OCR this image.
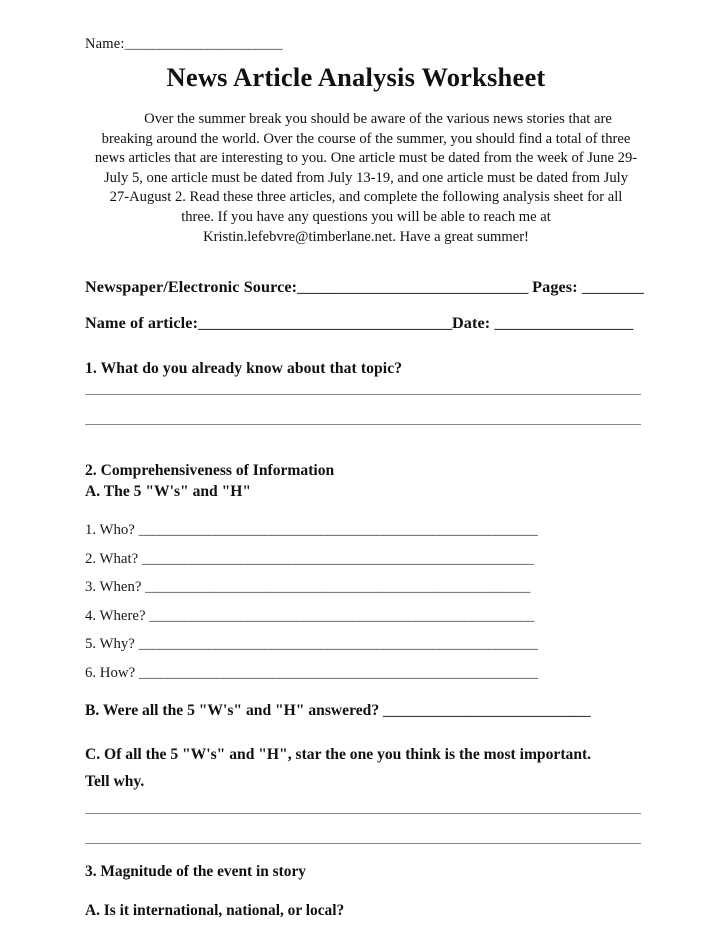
Name:_______________________
News Article Analysis Worksheet

Over the summer break you should be aware of the various news stories that are breaking around the world. Over the course of the summer, you should find a total of three news articles that are interesting to you. One article must be dated from the week of June 29-July 5, one article must be dated from July 13-19, and one article must be dated from July 27-August 2. Read these three articles, and complete the following analysis sheet for all three. If you have any questions you will be able to reach me at Kristin.lefebvre@timberlane.net. Have a great summer!

Newspaper/Electronic Source:______________________________ Pages: ________
Name of article:_________________________________Date: __________________
1. What do you already know about that topic?
2. Comprehensiveness of Information
A. The 5 "W's" and "H"
1. Who? _________________________________________________________
2. What? ________________________________________________________
3. When? _______________________________________________________
4. Where? _______________________________________________________
5. Why? _________________________________________________________
6. How? _________________________________________________________
B. Were all the 5 "W's" and "H" answered? ____________________________
C. Of all the 5 "W's" and "H", star the one you think is the most important.
Tell why.
3. Magnitude of the event in story
A. Is it international, national, or local?
